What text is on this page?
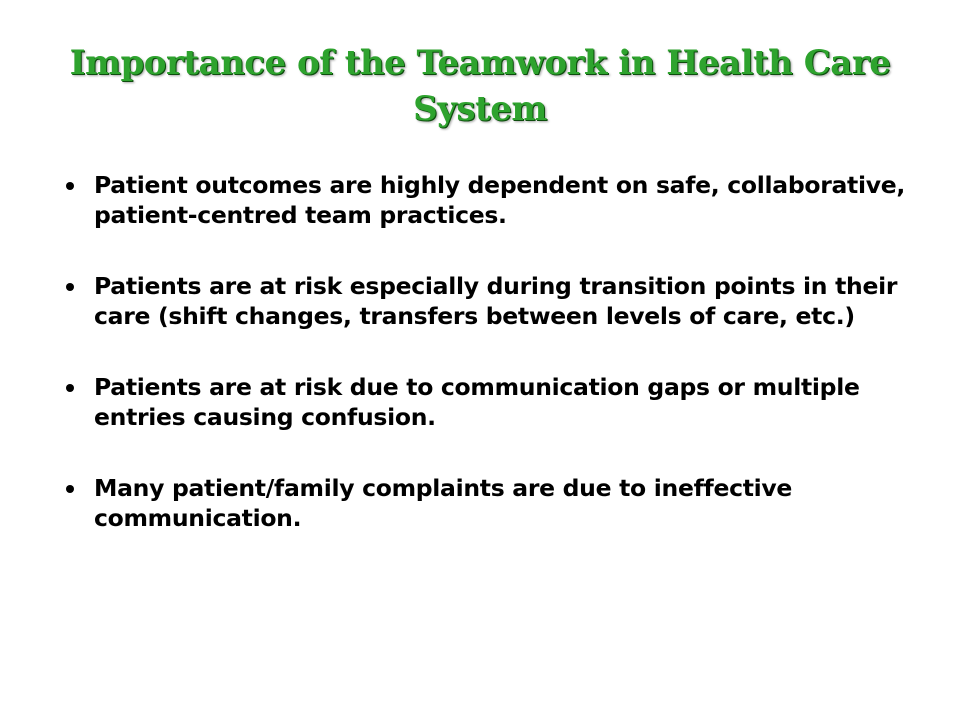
Importance of the Teamwork in Health Care System
Patient outcomes are highly dependent on safe, collaborative, patient-centred team practices.
Patients are at risk especially during transition points in their care (shift changes, transfers between levels of care, etc.)
Patients are at risk due to communication gaps or multiple entries causing confusion.
Many patient/family complaints are due to ineffective communication.
